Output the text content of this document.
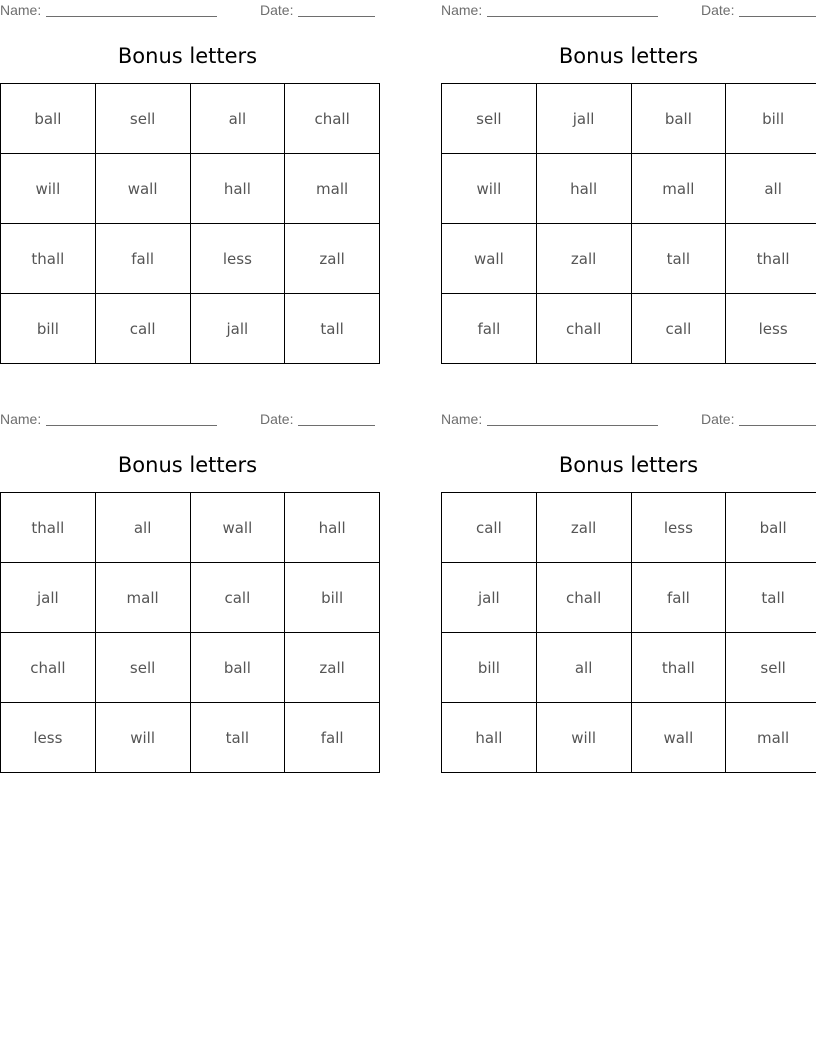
Name:	Date:
Bonus letters
ball	sell	all	chall
will	wall	hall	mall
thall	fall	less	zall
bill	call	jall	tall
Name:	Date:
Bonus letters
sell	jall	ball	bill
will	hall	mall	all
wall	zall	tall	thall
fall	chall	call	less
Name:	Date:
Bonus letters
thall	all	wall	hall
jall	mall	call	bill
chall	sell	ball	zall
less	will	tall	fall
Name:	Date:
Bonus letters
call	zall	less	ball
jall	chall	fall	tall
bill	all	thall	sell
hall	will	wall	mall
